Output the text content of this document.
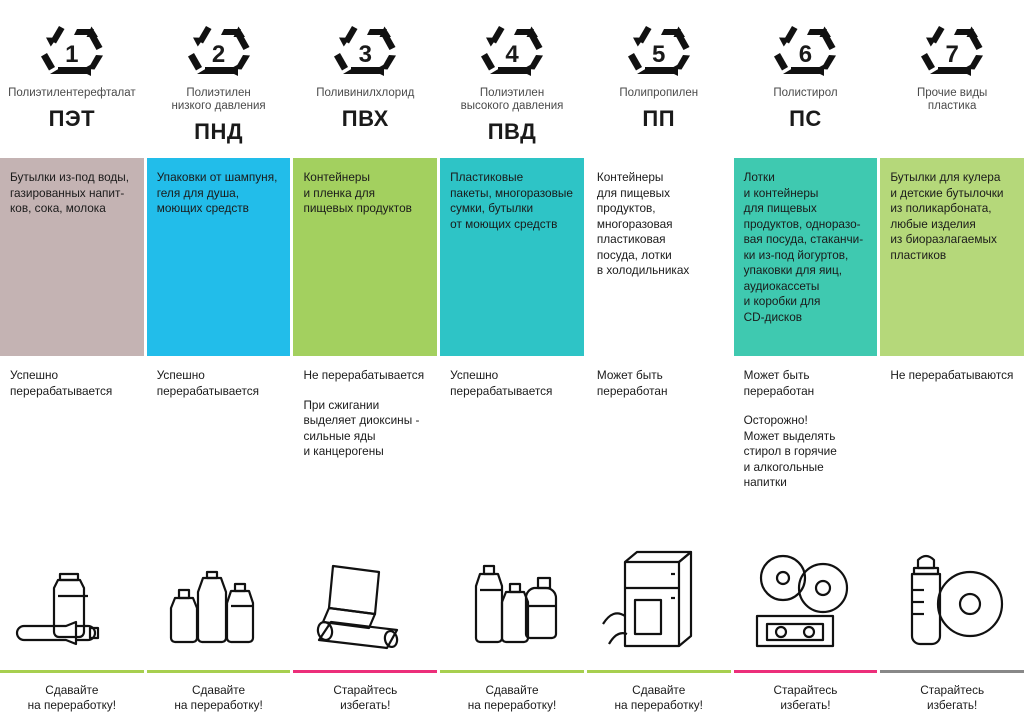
1
Полиэтилентерефталат
ПЭТ
Бутылки из-под воды, газированных напит-
ков, сока, молока

Успешно
перерабатывается

Сдавайте
на переработку!
2
Полиэтилен
низкого давления
ПНД
Упаковки от шампуня,
геля для душа,
моющих средств

Успешно
перерабатывается

Сдавайте
на переработку!
3
Поливинилхлорид
ПВХ
Контейнеры
и пленка для
пищевых продуктов

Не перерабатывается

При сжигании
выделяет диоксины -
сильные яды
и канцерогены

Старайтесь
избегать!
4
Полиэтилен
высокого давления
ПВД
Пластиковые
пакеты, многоразовые
сумки, бутылки
от моющих средств

Успешно
перерабатывается

Сдавайте
на переработку!
5
Полипропилен
ПП
Контейнеры
для пищевых
продуктов,
многоразовая
пластиковая
посуда, лотки
в холодильниках

Может быть
переработан

Сдавайте
на переработку!
6
Полистирол
ПС
Лотки
и контейнеры
для пищевых
продуктов, одноразо-
вая посуда, стаканчи-
ки из-под йогуртов,
упаковки для яиц,
аудиокассеты
и коробки для
CD-дисков

Может быть
переработан

Осторожно!
Может выделять
стирол в горячие
и алкогольные
напитки

Старайтесь
избегать!
7
Прочие виды
пластика
Бутылки для кулера
и детские бутылочки
из поликарбоната,
любые изделия
из биоразлагаемых
пластиков

Не перерабатываются

Старайтесь
избегать!
